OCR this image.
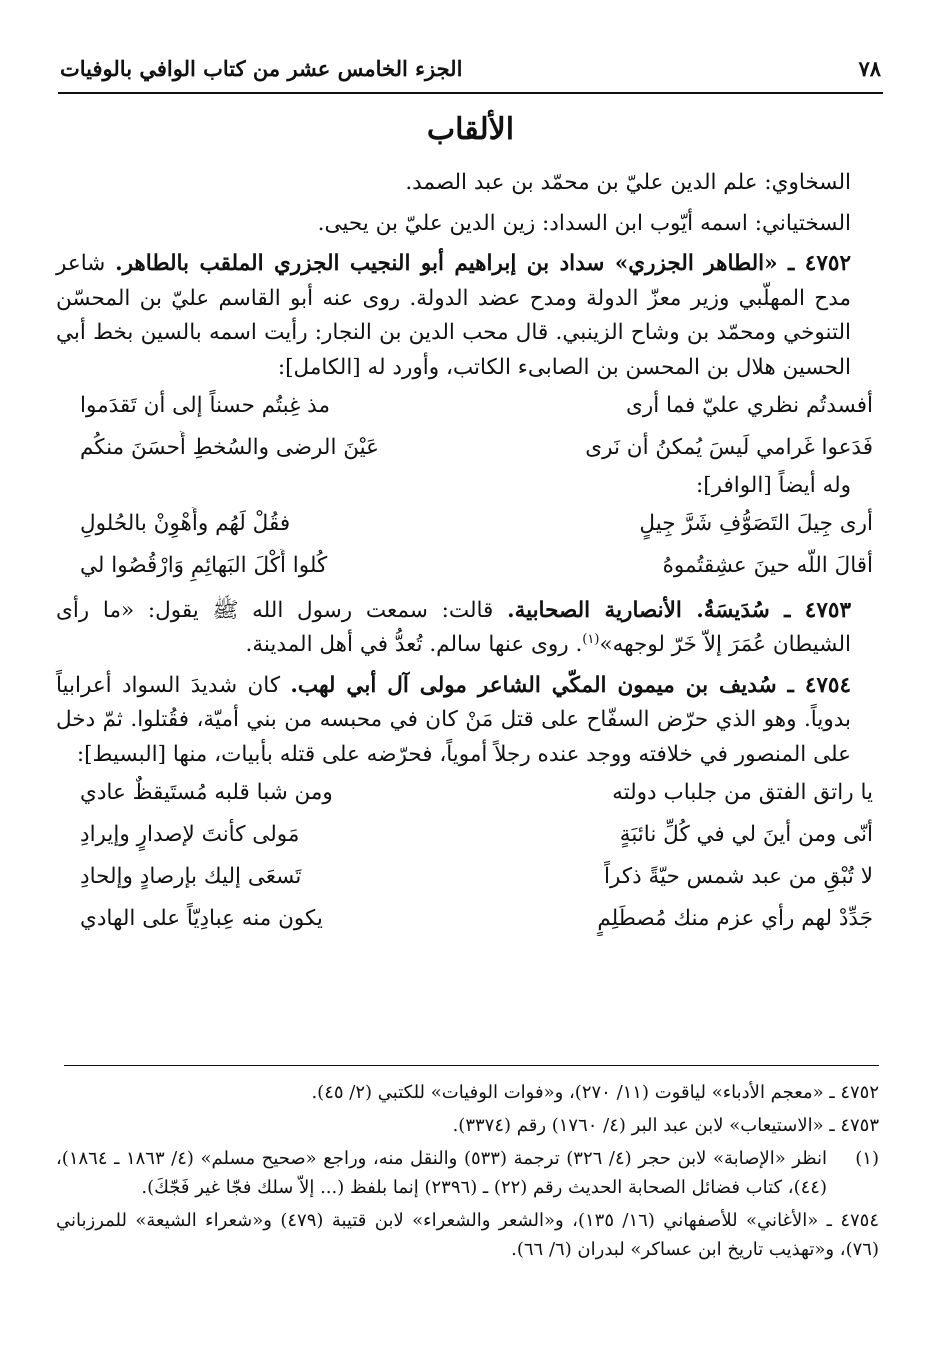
٧٨
الجزء الخامس عشر من كتاب الوافي بالوفيات
الألقاب

السخاوي: علم الدين عليّ بن محمّد بن عبد الصمد.

السختياني: اسمه أيّوب ابن السداد: زين الدين عليّ بن يحيى.

٤٧٥٢ ـ «الطاهر الجزري» سداد بن إبراهيم أبو النجيب الجزري الملقب بالطاهر. شاعر مدح المهلّبي وزير معزّ الدولة ومدح عضد الدولة. روى عنه أبو القاسم عليّ بن المحسّن التنوخي ومحمّد بن وشاح الزينبي. قال محب الدين بن النجار: رأيت اسمه بالسين بخط أبي الحسين هلال بن المحسن بن الصابىء الكاتب، وأورد له [الكامل]:

أفسدتُم نظري عليّ فما أرى
مذ غِبتُم حسناً إلى أن تَقدَموا
فَدَعوا غَرامي لَيسَ يُمكنُ أن نَرى
عَيْنَ الرضى والسُخطِ أَحسَنَ منكُم

وله أيضاً [الوافر]:

أرى جِيلَ التَصَوُّفِ شَرَّ جِيلٍ
فقُلْ لَهُم وأَهْوِنْ بالحُلولِ
أقالَ اللّه حينَ عشِقتُموهُ
كُلوا أَكْلَ البَهائِمِ وَارْقُصُوا لي

٤٧٥٣ ـ سُدَيسَةُ. الأنصارية الصحابية. قالت: سمعت رسول الله ﷺ يقول: «ما رأى الشيطان عُمَرَ إلاّ خَرّ لوجهه»$^{(١)}$. روى عنها سالم. تُعدُّ في أهل المدينة.

٤٧٥٤ ـ سُديف بن ميمون المكّي الشاعر مولى آل أبي لهب. كان شديدَ السواد أعرابياً بدوياً. وهو الذي حرّض السفّاح على قتل مَنْ كان في محبسه من بني أميّة، فقُتلوا. ثمّ دخل على المنصور في خلافته ووجد عنده رجلاً أموياً، فحرّضه على قتله بأبيات، منها [البسيط]:

يا راتق الفتق من جلباب دولته
ومن شبا قلبه مُستَيقظٌ عادي
أنّى ومن أينَ لي في كُلِّ نائبَةٍ
مَولى كأنتَ لإصدارٍ وإيرادِ
لا تُبْقِ من عبد شمس حيّةً ذكراً
تَسعَى إليك بإرصادٍ وإلحادِ
جَدِّدْ لهم رأي عزم منك مُصطَلِمٍ
يكون منه عِبادِيّاً على الهادي

٤٧٥٢ ـ «معجم الأدباء» لياقوت (١١/ ٢٧٠)، و«فوات الوفيات» للكتبي (٢/ ٤٥).

٤٧٥٣ ـ «الاستيعاب» لابن عبد البر (٤/ ١٧٦٠) رقم (٣٣٧٤).

(١)
انظر «الإصابة» لابن حجر (٤/ ٣٢٦) ترجمة (٥٣٣) والنقل منه، وراجع «صحيح مسلم» (٤/ ١٨٦٣ ـ ١٨٦٤)، (٤٤)، كتاب فضائل الصحابة الحديث رقم (٢٢) ـ (٢٣٩٦) إنما بلفظ (... إلاّ سلك فجّا غير فَجّكَ).

٤٧٥٤ ـ «الأغاني» للأصفهاني (١٦/ ١٣٥)، و«الشعر والشعراء» لابن قتيبة (٤٧٩) و«شعراء الشيعة» للمرزباني (٧٦)، و«تهذيب تاريخ ابن عساكر» لبدران (٦/ ٦٦).
